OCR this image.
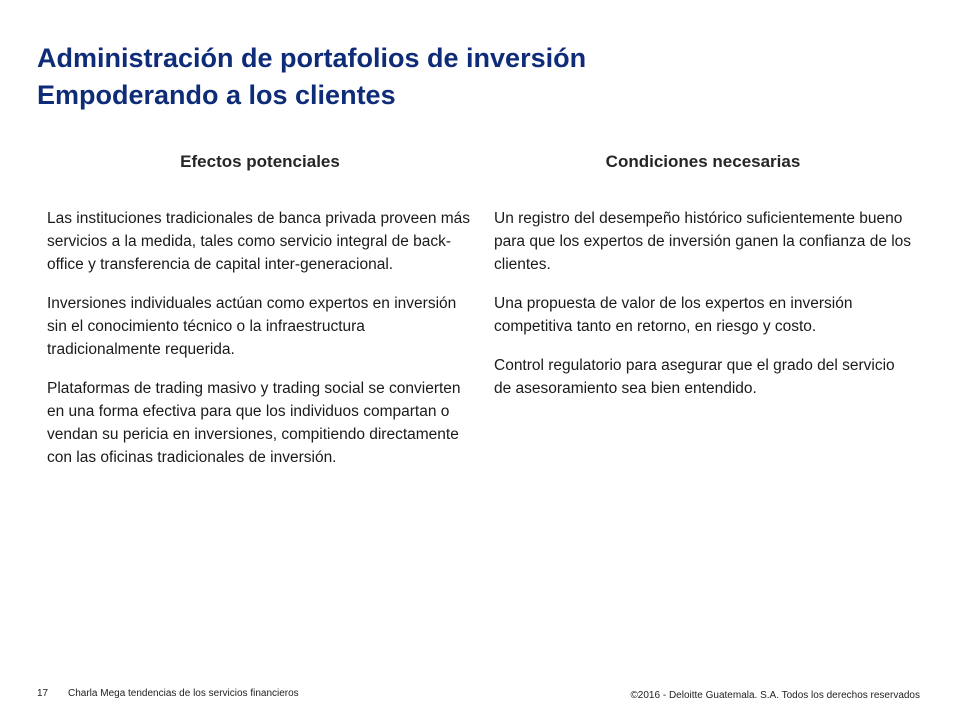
Administración de portafolios de inversión
Empoderando a los clientes
Efectos potenciales	Condiciones necesarias

Las instituciones tradicionales de banca privada proveen más servicios a la medida, tales como servicio integral de back-office y transferencia de capital inter-generacional.

Inversiones individuales actúan como expertos en inversión sin el conocimiento técnico o la infraestructura tradicionalmente requerida.

Plataformas de trading masivo y trading social se convierten en una forma efectiva para que los individuos compartan o vendan su pericia en inversiones, compitiendo directamente con las oficinas tradicionales de inversión.

Un registro del desempeño histórico suficientemente bueno para que los expertos de inversión ganen la confianza de los clientes.

Una propuesta de valor de los expertos en inversión competitiva tanto en retorno, en riesgo y costo.

Control regulatorio para asegurar que el grado del servicio de asesoramiento sea bien entendido.

17 Charla Mega tendencias de los servicios financieros	©2016 - Deloitte Guatemala. S.A. Todos los derechos reservados
